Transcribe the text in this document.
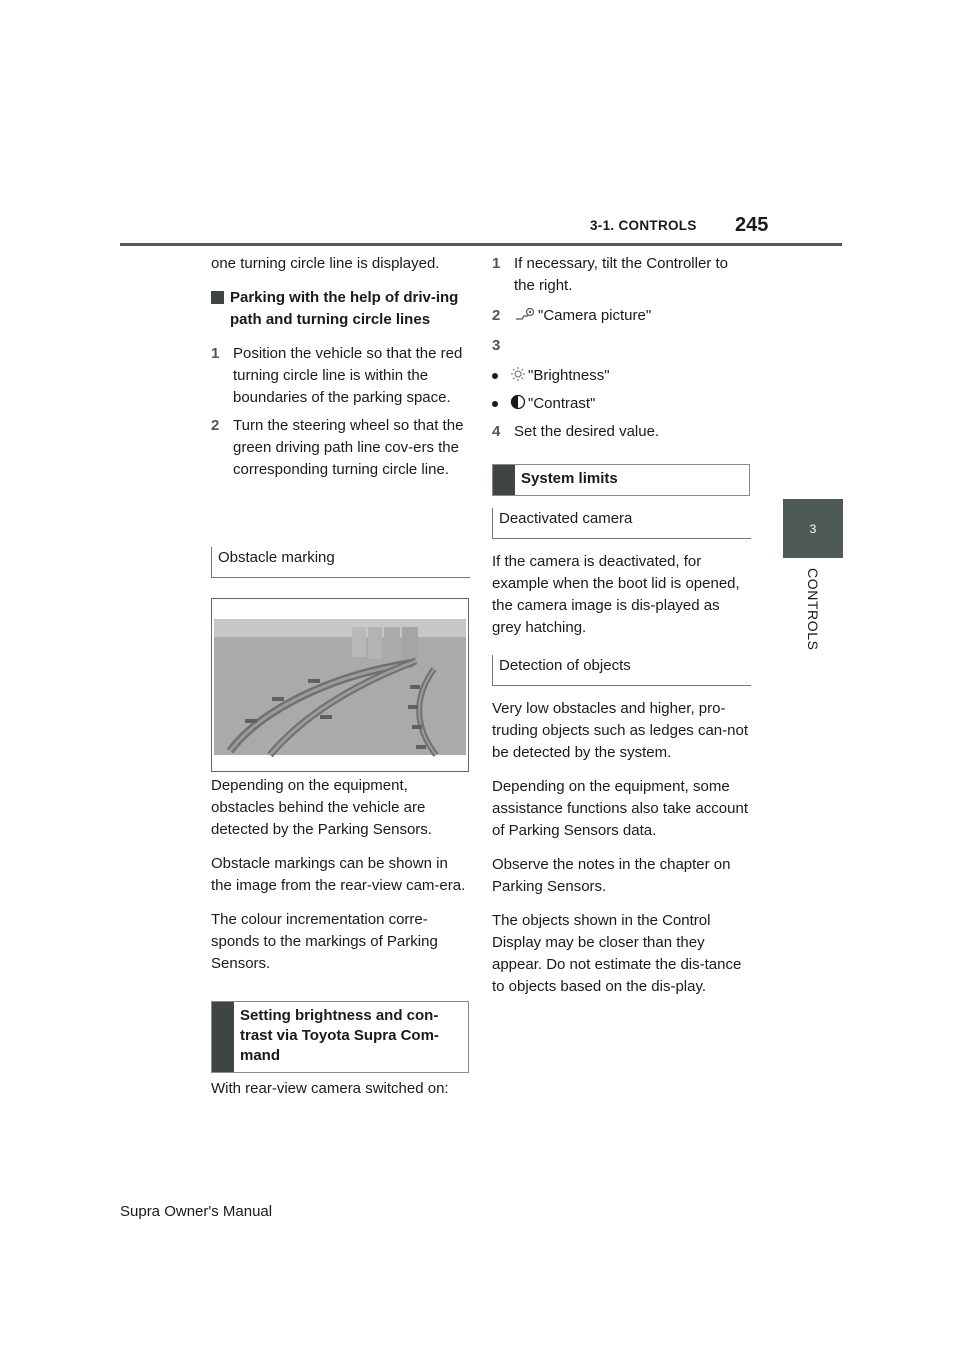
3-1. CONTROLS 245
3
CONTROLS

one turning circle line is displayed.

Parking with the help of driv-ing path and turning circle lines
1 Position the vehicle so that the red turning circle line is within the boundaries of the parking space.
2 Turn the steering wheel so that the green driving path line cov-ers the corresponding turning circle line.
Obstacle marking

Depending on the equipment, obstacles behind the vehicle are detected by the Parking Sensors.

Obstacle markings can be shown in the image from the rear-view cam-era.

The colour incrementation corre-sponds to the markings of Parking Sensors.

Setting brightness and con-trast via Toyota Supra Com-mand

With rear-view camera switched on:

1 If necessary, tilt the Controller to the right.
2	"Camera picture"
3
"Brightness"
"Contrast"
4 Set the desired value.
System limits
Deactivated camera

If the camera is deactivated, for example when the boot lid is opened, the camera image is dis-played as grey hatching.

Detection of objects

Very low obstacles and higher, pro-truding objects such as ledges can-not be detected by the system.

Depending on the equipment, some assistance functions also take account of Parking Sensors data.

Observe the notes in the chapter on Parking Sensors.

The objects shown in the Control Display may be closer than they appear. Do not estimate the dis-tance to objects based on the dis-play.

Supra Owner's Manual
